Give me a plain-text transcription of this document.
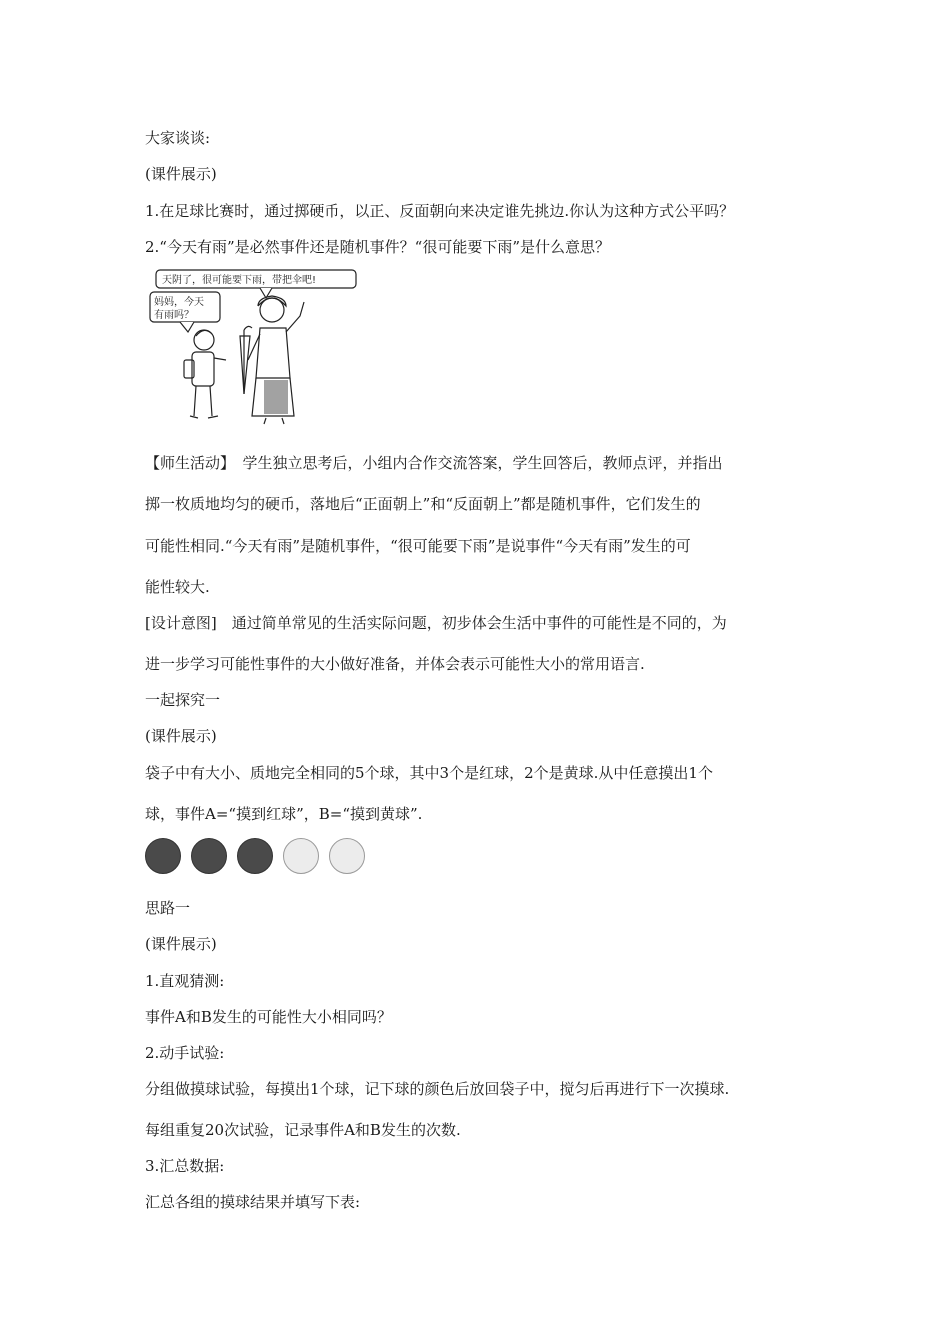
大家谈谈:
(课件展示)
1.在足球比赛时，通过掷硬币，以正、反面朝向来决定谁先挑边.你认为这种方式公平吗？
2.“今天有雨”是必然事件还是随机事件？“很可能要下雨”是什么意思？
天阴了，很可能要下雨，带把伞吧!
妈妈，今天
有雨吗？
【师生活动】　学生独立思考后，小组内合作交流答案，学生回答后，教师点评，并指出
掷一枚质地均匀的硬币，落地后“正面朝上”和“反面朝上”都是随机事件，它们发生的
可能性相同.“今天有雨”是随机事件，“很可能要下雨”是说事件“今天有雨”发生的可
能性较大.
[设计意图]　通过简单常见的生活实际问题，初步体会生活中事件的可能性是不同的，为
进一步学习可能性事件的大小做好准备，并体会表示可能性大小的常用语言.
一起探究一
(课件展示)
袋子中有大小、质地完全相同的5个球，其中3个是红球，2个是黄球.从中任意摸出1个
球，事件A=“摸到红球”，B=“摸到黄球”.
思路一
(课件展示)
1.直观猜测:
事件A和B发生的可能性大小相同吗？
2.动手试验:
分组做摸球试验，每摸出1个球，记下球的颜色后放回袋子中，搅匀后再进行下一次摸球.
每组重复20次试验，记录事件A和B发生的次数.
3.汇总数据:
汇总各组的摸球结果并填写下表:
